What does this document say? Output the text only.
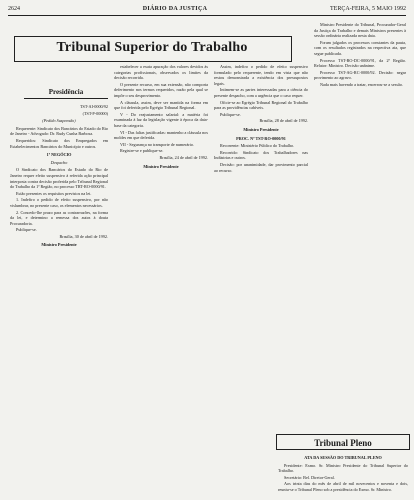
2624	DIÁRIO DA JUSTIÇA	TERÇA-FEIRA, 5 MAIO 1992
Tribunal Superior do Trabalho
Presidência

TST-AI-0000/92

(TST-P-00000)

(Pedido Suspensão)

Requerente: Sindicato dos Bancários do Estado do Rio de Janeiro - Advogado: Dr. Rudy Cunha Barbosa.

Requeridos: Sindicato dos Empregados em Estabelecimentos Bancários do Município e outros.

1º NEGÓCIO

Despacho

O Sindicato dos Bancários do Estado do Rio de Janeiro requer efeito suspensivo à referida ação principal interposta contra decisão proferida pelo Tribunal Regional do Trabalho da 1ª Região, no processo TRT-RO-0000/91.

Estão presentes os requisitos previstos na lei.

1. Indefiro o pedido de efeito suspensivo, por não vislumbrar, no presente caso, os elementos necessários.

2. Concedo-lhe prazo para as contrarrazões, na forma da lei, e determino a remessa dos autos à douta Procuradoria.

Publique-se.

Brasília, 30 de abril de 1992.

Ministro Presidente

estabelecer a exata apuração dos valores devidos às categorias profissionais, observados os limites da decisão recorrida.

O presente recurso, em sua extensão, não comporta deferimento nos termos requeridos, razão pela qual se impõe o seu desprovimento.

A cláusula, assim, deve ser mantida na forma em que foi deferida pelo Egrégio Tribunal Regional.

V - Do reajustamento salarial: a matéria foi examinada à luz da legislação vigente à época da data-base da categoria.

VI - Das faltas justificadas: mantenho a cláusula nos moldes em que deferida.

VII - Segurança no transporte de numerário.

Registre-se e publique-se.

Brasília, 24 de abril de 1992.

Ministro Presidente

Assim, indefiro o pedido de efeito suspensivo formulado pelo requerente, tendo em vista que não restou demonstrada a existência dos pressupostos legais.

Intimem-se as partes interessadas para a ciência do presente despacho, com a urgência que o caso requer.

Oficie-se ao Egrégio Tribunal Regional do Trabalho para as providências cabíveis.

Publique-se.

Brasília, 28 de abril de 1992.

Ministro Presidente

PROC. Nº TST-RO-0000/91

Recorrente: Ministério Público do Trabalho.

Recorrido: Sindicato dos Trabalhadores nas Indústrias e outros.

Decisão: por unanimidade, dar provimento parcial ao recurso.

Ministro Presidente do Tribunal, Procurador-Geral da Justiça do Trabalho e demais Ministros presentes à sessão ordinária realizada nesta data.

Foram julgados os processos constantes da pauta, com os resultados registrados na respectiva ata, que segue publicada.

Processo TST-RO-DC-0000/91, da 2ª Região. Relator: Ministro. Decisão unânime.

Processo TST-AG-RC-0000/92. Decisão: negar provimento ao agravo.

Nada mais havendo a tratar, encerrou-se a sessão.

Tribunal Pleno

ATA DA SESSÃO DO TRIBUNAL PLENO

Presidente: Exmo. Sr. Ministro Presidente do Tribunal Superior do Trabalho.

Secretário: Bel. Diretor-Geral.

Aos trinta dias do mês de abril de mil novecentos e noventa e dois, reuniu-se o Tribunal Pleno sob a presidência do Exmo. Sr. Ministro.
